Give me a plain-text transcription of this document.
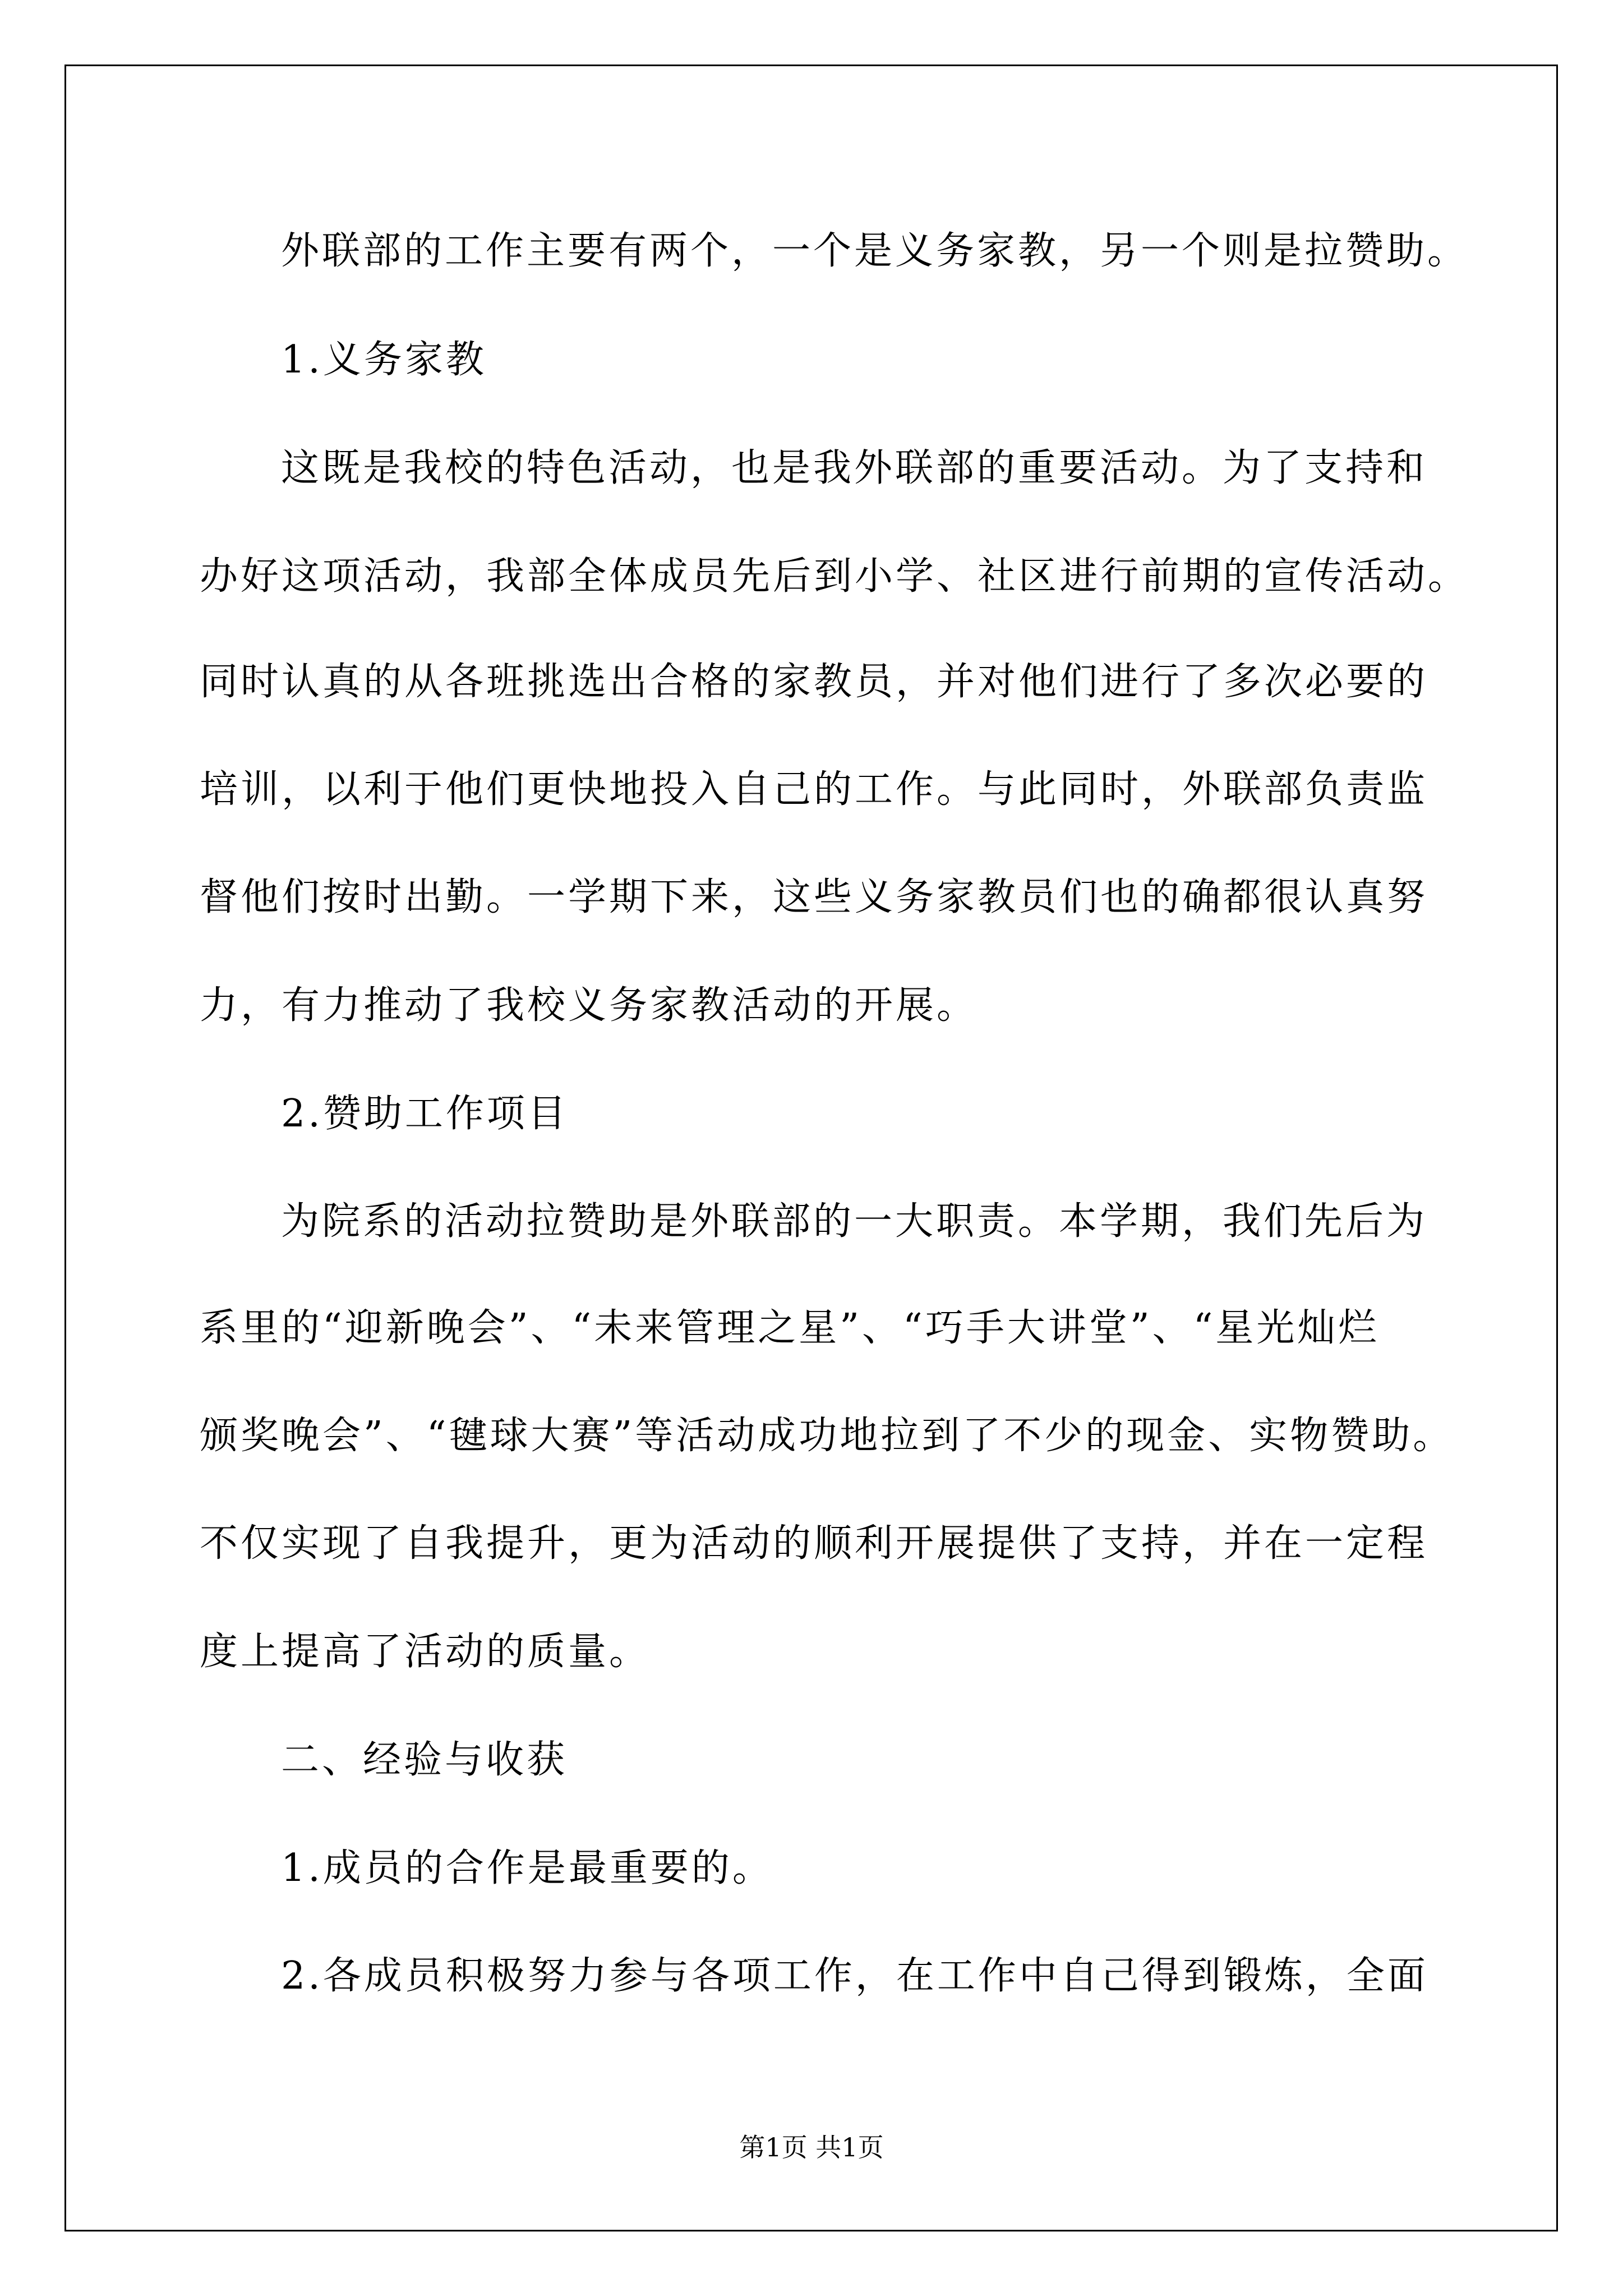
外联部的工作主要有两个，一个是义务家教，另一个则是拉赞助。
1.义务家教
这既是我校的特色活动，也是我外联部的重要活动。为了支持和
办好这项活动，我部全体成员先后到小学、社区进行前期的宣传活动。
同时认真的从各班挑选出合格的家教员，并对他们进行了多次必要的
培训，以利于他们更快地投入自己的工作。与此同时，外联部负责监
督他们按时出勤。一学期下来，这些义务家教员们也的确都很认真努
力，有力推动了我校义务家教活动的开展。
2.赞助工作项目
为院系的活动拉赞助是外联部的一大职责。本学期，我们先后为
系里的“迎新晚会”、“未来管理之星”、“巧手大讲堂”、“星光灿烂
颁奖晚会”、“毽球大赛”等活动成功地拉到了不少的现金、实物赞助。
不仅实现了自我提升，更为活动的顺利开展提供了支持，并在一定程
度上提高了活动的质量。
二、经验与收获
1.成员的合作是最重要的。
2.各成员积极努力参与各项工作，在工作中自己得到锻炼，全面
第1页 共1页
